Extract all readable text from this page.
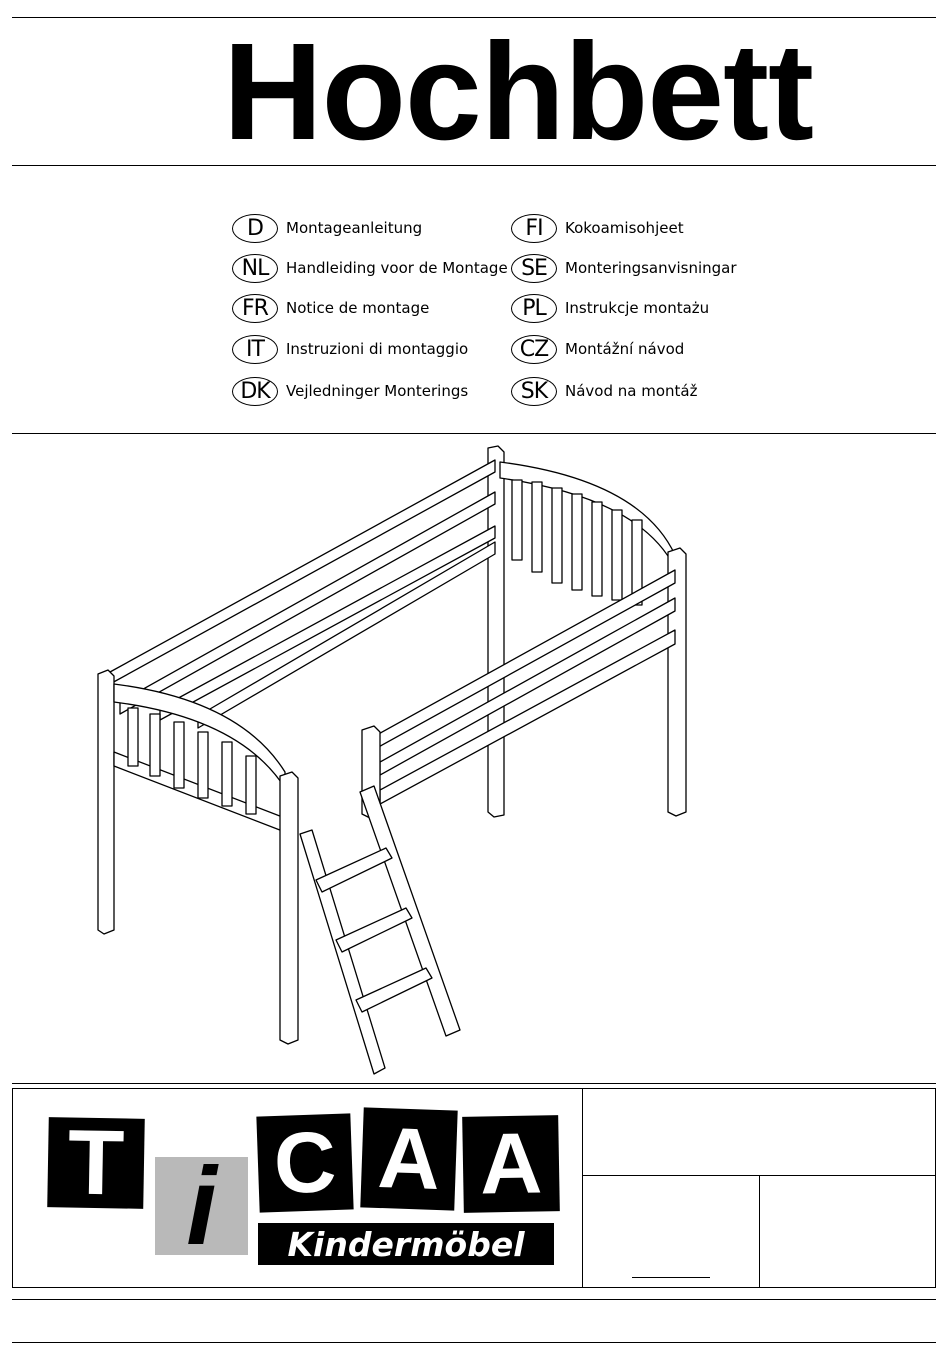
Hochbett
D	Montageanleitung
NL	Handleiding voor de Montage
FR	Notice de montage
IT	Instruzioni di montaggio
DK	Vejledninger Monterings
FI	Kokoamisohjeet
SE	Monteringsanvisningar
PL	Instrukcje montażu
CZ	Montážní návod
SK	Návod na montáž
T i C A A
Kindermöbel
